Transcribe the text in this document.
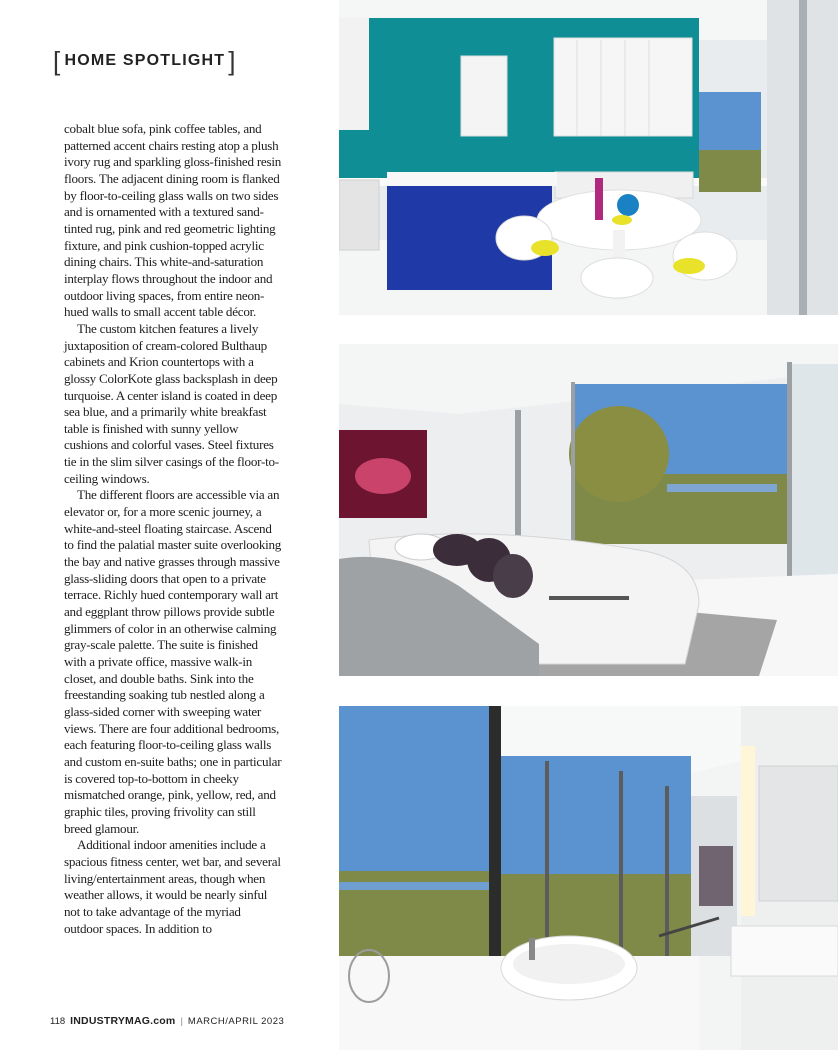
[ HOME SPOTLIGHT ]

cobalt blue sofa, pink coffee tables, and patterned accent chairs resting atop a plush ivory rug and sparkling gloss-finished resin floors. The adjacent dining room is flanked by floor-to-ceiling glass walls on two sides and is ornamented with a textured sand-tinted rug, pink and red geometric lighting fixture, and pink cushion-topped acrylic dining chairs. This white-and-saturation interplay flows throughout the indoor and outdoor living spaces, from entire neon-hued walls to small accent table décor.

The custom kitchen features a lively juxtaposition of cream-colored Bulthaup cabinets and Krion countertops with a glossy ColorKote glass backsplash in deep turquoise. A center island is coated in deep sea blue, and a primarily white breakfast table is finished with sunny yellow cushions and colorful vases. Steel fixtures tie in the slim silver casings of the floor-to-ceiling windows.

The different floors are accessible via an elevator or, for a more scenic journey, a white-and-steel floating staircase. Ascend to find the palatial master suite overlooking the bay and native grasses through massive glass-sliding doors that open to a private terrace. Richly hued contemporary wall art and eggplant throw pillows provide subtle glimmers of color in an otherwise calming gray-scale palette. The suite is finished with a private office, massive walk-in closet, and double baths. Sink into the freestanding soaking tub nestled along a glass-sided corner with sweeping water views. There are four additional bedrooms, each featuring floor-to-ceiling glass walls and custom en-suite baths; one in particular is covered top-to-bottom in cheeky mismatched orange, pink, yellow, red, and graphic tiles, proving frivolity can still breed glamour.

Additional indoor amenities include a spacious fitness center, wet bar, and several living/entertainment areas, though when weather allows, it would be nearly sinful not to take advantage of the myriad outdoor spaces. In addition to

118 INDUSTRYMAG.com | MARCH/APRIL 2023
